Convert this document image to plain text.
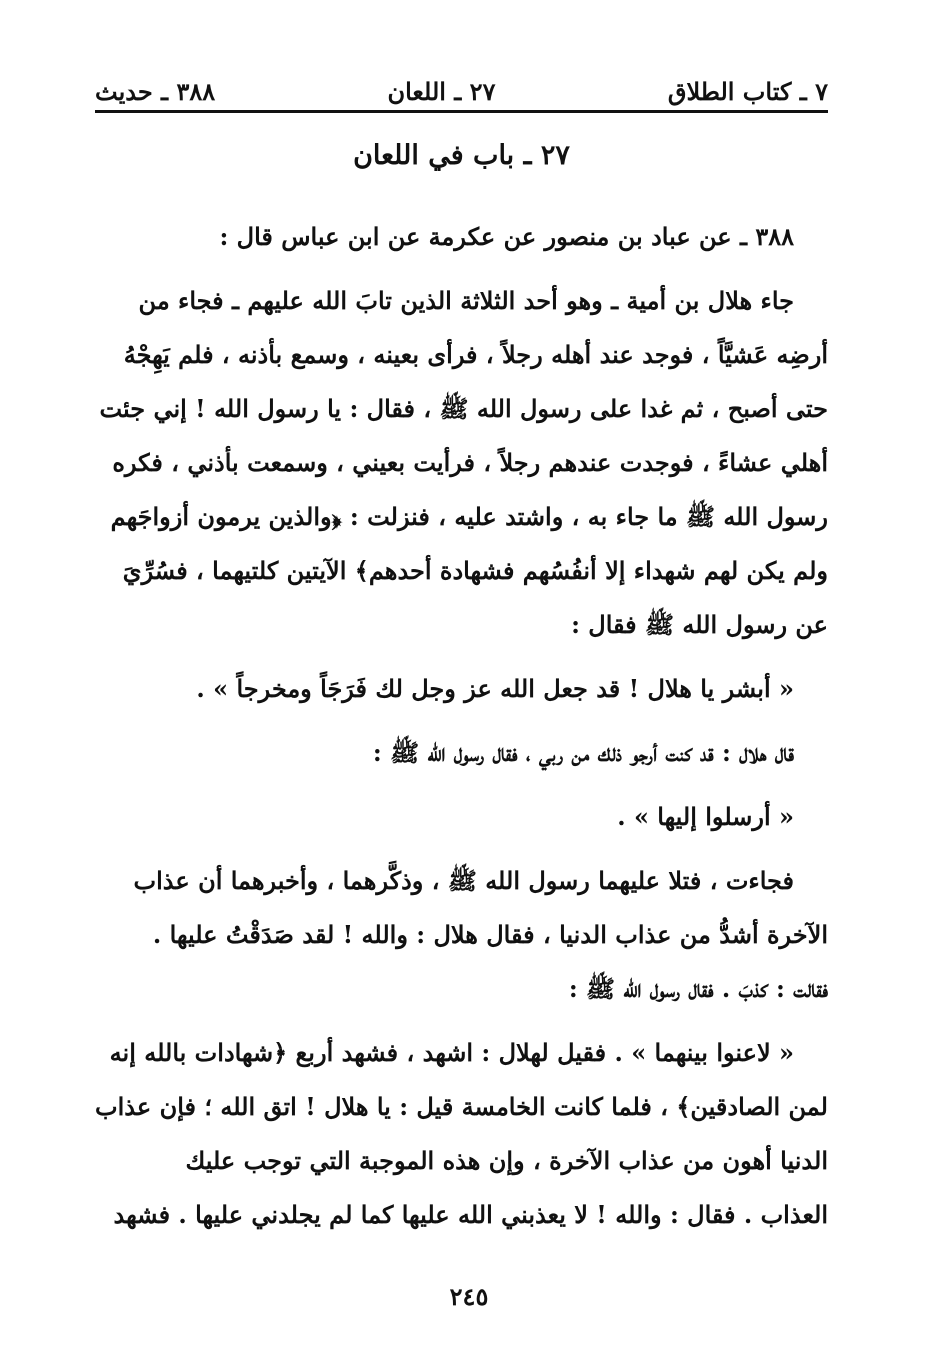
٧ ـ كتاب الطلاق
٢٧ ـ اللعان
٣٨٨ ـ حديث
٢٧ ـ باب في اللعان
٣٨٨ ـ عن عباد بن منصور عن عكرمة عن ابن عباس قال :
جاء هلال بن أمية ـ وهو أحد الثلاثة الذين تابَ الله عليهم ـ فجاء من
أرضِه عَشيَّاً ، فوجد عند أهله رجلاً ، فرأى بعينه ، وسمع بأذنه ، فلم يَهِجْهُ
حتى أصبح ، ثم غدا على رسول الله ﷺ ، فقال : يا رسول الله ! إني جئت
أهلي عشاءً ، فوجدت عندهم رجلاً ، فرأيت بعيني ، وسمعت بأذني ، فكره
رسول الله ﷺ ما جاء به ، واشتد عليه ، فنزلت : ﴿والذين يرمون أزواجَهم
ولم يكن لهم شهداء إلا أنفُسُهم فشهادة أحدهم﴾ الآيتين كلتيهما ، فسُرِّيَ
عن رسول الله ﷺ فقال :
« أبشر يا هلال ! قد جعل الله عز وجل لك فَرَجَاً ومخرجاً » .
قال هلال : قد كنت أرجو ذلك من ربي ، فقال رسول الله ﷺ :
« أرسلوا إليها » .
فجاءت ، فتلا عليهما رسول الله ﷺ ، وذكَّرهما ، وأخبرهما أن عذاب
الآخرة أشدُّ من عذاب الدنيا ، فقال هلال : والله ! لقد صَدَقْتُ عليها .
فقالت : كذبَ . فقال رسول الله ﷺ :
« لاعنوا بينهما » . فقيل لهلال : اشهد ، فشهد أربع ﴿شهادات بالله إنه
لمن الصادقين﴾ ، فلما كانت الخامسة قيل : يا هلال ! اتق الله ؛ فإن عذاب
الدنيا أهون من عذاب الآخرة ، وإن هذه الموجبة التي توجب عليك
العذاب . فقال : والله ! لا يعذبني الله عليها كما لم يجلدني عليها . فشهد
٢٤٥
